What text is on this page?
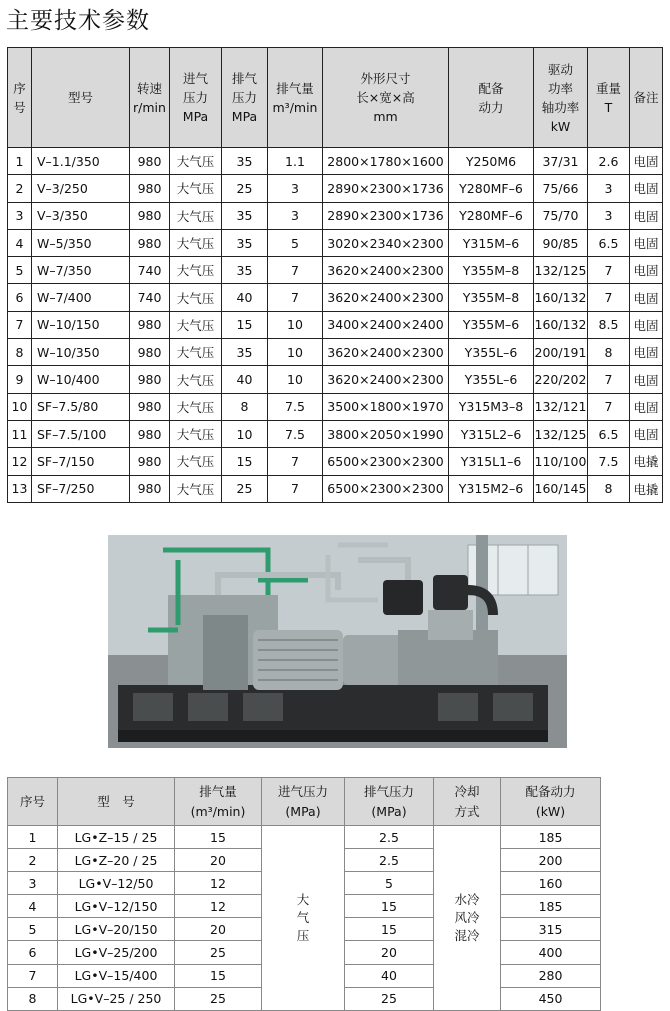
主要技术参数
序
号	型号	转速
r/min	进气
压力
MPa	排气
压力
MPa	排气量
m³/min	外形尺寸
长×宽×高
mm	配备
动力	驱动
功率
轴功率
kW	重量
T	备注
1	V–1.1/350	980	大气压	35	1.1	2800×1780×1600	Y250M6	37/31	2.6	电固
2	V–3/250	980	大气压	25	3	2890×2300×1736	Y280MF–6	75/66	3	电固
3	V–3/350	980	大气压	35	3	2890×2300×1736	Y280MF–6	75/70	3	电固
4	W–5/350	980	大气压	35	5	3020×2340×2300	Y315M–6	90/85	6.5	电固
5	W–7/350	740	大气压	35	7	3620×2400×2300	Y355M–8	132/125	7	电固
6	W–7/400	740	大气压	40	7	3620×2400×2300	Y355M–8	160/132	7	电固
7	W–10/150	980	大气压	15	10	3400×2400×2400	Y355M–6	160/132	8.5	电固
8	W–10/350	980	大气压	35	10	3620×2400×2300	Y355L–6	200/191	8	电固
9	W–10/400	980	大气压	40	10	3620×2400×2300	Y355L–6	220/202	7	电固
10	SF–7.5/80	980	大气压	8	7.5	3500×1800×1970	Y315M3–8	132/121	7	电固
11	SF–7.5/100	980	大气压	10	7.5	3800×2050×1990	Y315L2–6	132/125	6.5	电固
12	SF–7/150	980	大气压	15	7	6500×2300×2300	Y315L1–6	110/100	7.5	电撬
13	SF–7/250	980	大气压	25	7	6500×2300×2300	Y315M2–6	160/145	8	电撬
序号	型　号	排气量
(m³/min)	进气压力
(MPa)	排气压力
(MPa)	冷却
方式	配备动力
(kW)
1	LG•Z–15 / 25	15	大
气
压	2.5	水冷
风冷
混冷	185
2	LG•Z–20 / 25	20		2.5		200
3	LG•V–12/50	12		5		160
4	LG•V–12/150	12		15		185
5	LG•V–20/150	20		15		315
6	LG•V–25/200	25		20		400
7	LG•V–15/400	15		40		280
8	LG•V–25 / 250	25		25		450
